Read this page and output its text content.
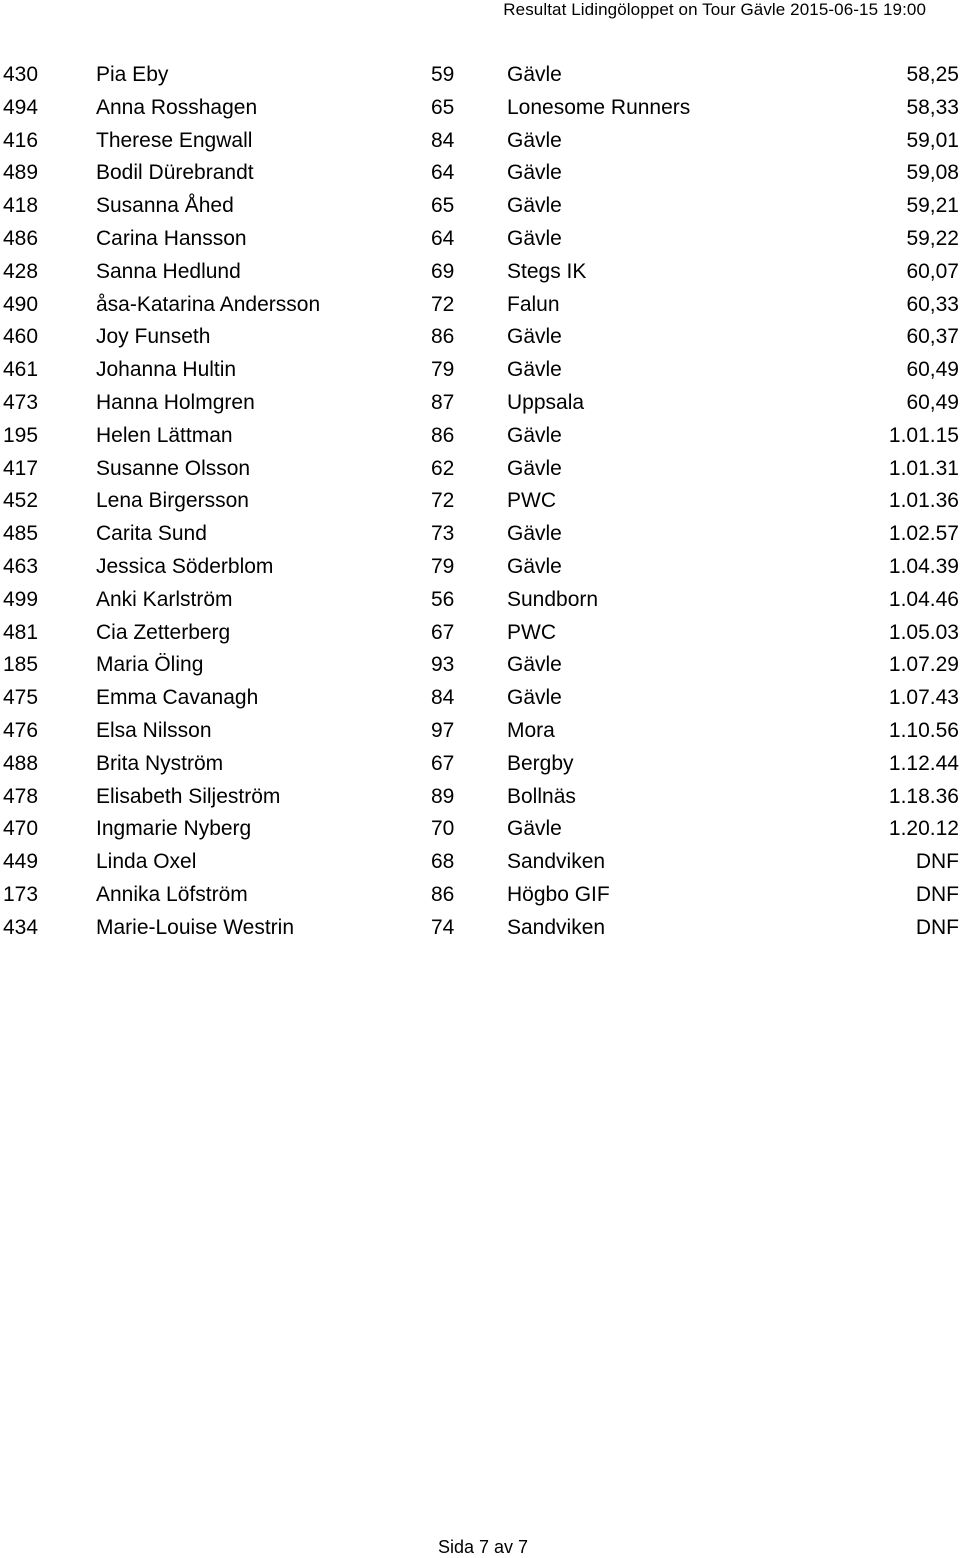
Resultat Lidingöloppet on Tour Gävle 2015-06-15 19:00
430	Pia Eby	59	Gävle	58,25
494	Anna Rosshagen	65	Lonesome Runners	58,33
416	Therese Engwall	84	Gävle	59,01
489	Bodil Dürebrandt	64	Gävle	59,08
418	Susanna Åhed	65	Gävle	59,21
486	Carina Hansson	64	Gävle	59,22
428	Sanna Hedlund	69	Stegs IK	60,07
490	åsa-Katarina Andersson	72	Falun	60,33
460	Joy Funseth	86	Gävle	60,37
461	Johanna Hultin	79	Gävle	60,49
473	Hanna Holmgren	87	Uppsala	60,49
195	Helen Lättman	86	Gävle	1.01.15
417	Susanne Olsson	62	Gävle	1.01.31
452	Lena Birgersson	72	PWC	1.01.36
485	Carita Sund	73	Gävle	1.02.57
463	Jessica Söderblom	79	Gävle	1.04.39
499	Anki Karlström	56	Sundborn	1.04.46
481	Cia Zetterberg	67	PWC	1.05.03
185	Maria Öling	93	Gävle	1.07.29
475	Emma Cavanagh	84	Gävle	1.07.43
476	Elsa Nilsson	97	Mora	1.10.56
488	Brita Nyström	67	Bergby	1.12.44
478	Elisabeth Siljeström	89	Bollnäs	1.18.36
470	Ingmarie Nyberg	70	Gävle	1.20.12
449	Linda Oxel	68	Sandviken	DNF
173	Annika Löfström	86	Högbo GIF	DNF
434	Marie-Louise Westrin	74	Sandviken	DNF
Sida 7 av 7
